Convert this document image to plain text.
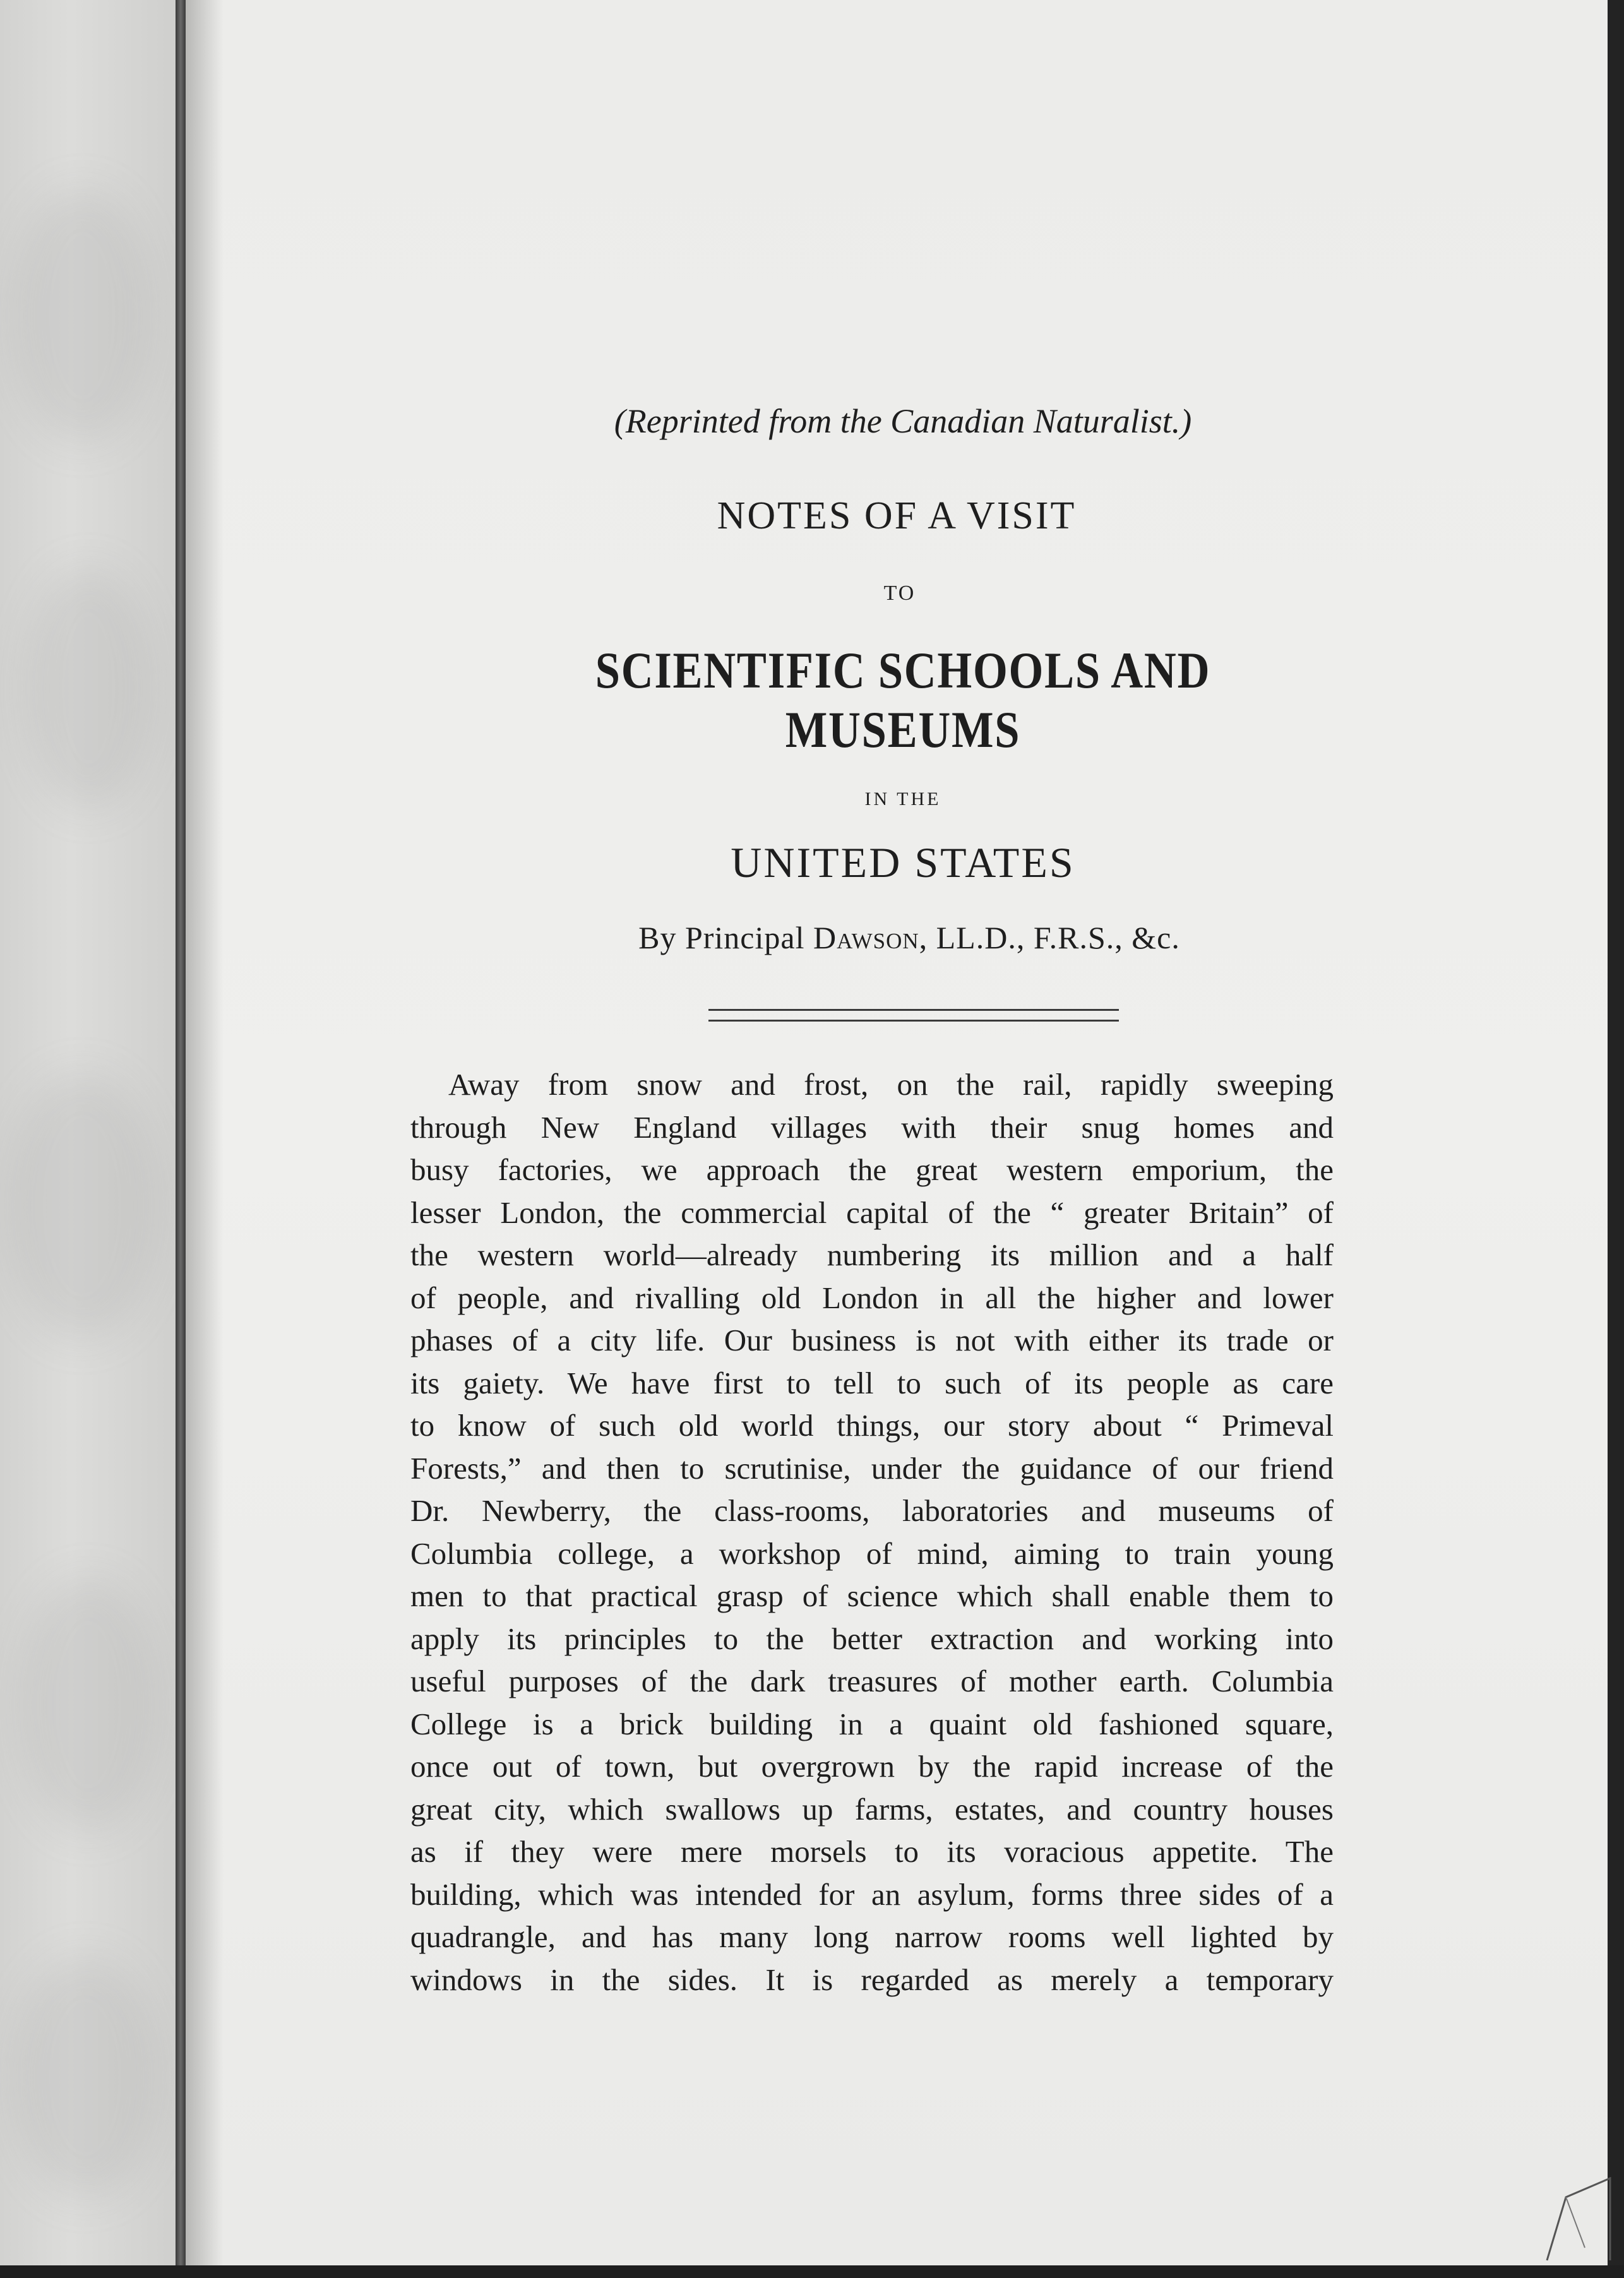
(Reprinted from the Canadian Naturalist.)
NOTES OF A VISIT
TO
SCIENTIFIC SCHOOLS AND MUSEUMS
IN THE
UNITED STATES
By Principal Dawson, LL.D., F.R.S., &c.
Away from snow and frost, on the rail, rapidly sweeping
through New England villages with their snug homes and
busy factories, we approach the great western emporium, the
lesser London, the commercial capital of the “ greater Britain” of
the western world—already numbering its million and a half
of people, and rivalling old London in all the higher and lower
phases of a city life. Our business is not with either its trade or
its gaiety. We have first to tell to such of its people as care
to know of such old world things, our story about “ Primeval
Forests,” and then to scrutinise, under the guidance of our friend
Dr. Newberry, the class-rooms, laboratories and museums of
Columbia college, a workshop of mind, aiming to train young
men to that practical grasp of science which shall enable them to
apply its principles to the better extraction and working into
useful purposes of the dark treasures of mother earth. Columbia
College is a brick building in a quaint old fashioned square,
once out of town, but overgrown by the rapid increase of the
great city, which swallows up farms, estates, and country houses
as if they were mere morsels to its voracious appetite. The
building, which was intended for an asylum, forms three sides of a
quadrangle, and has many long narrow rooms well lighted by
windows in the sides. It is regarded as merely a temporary
